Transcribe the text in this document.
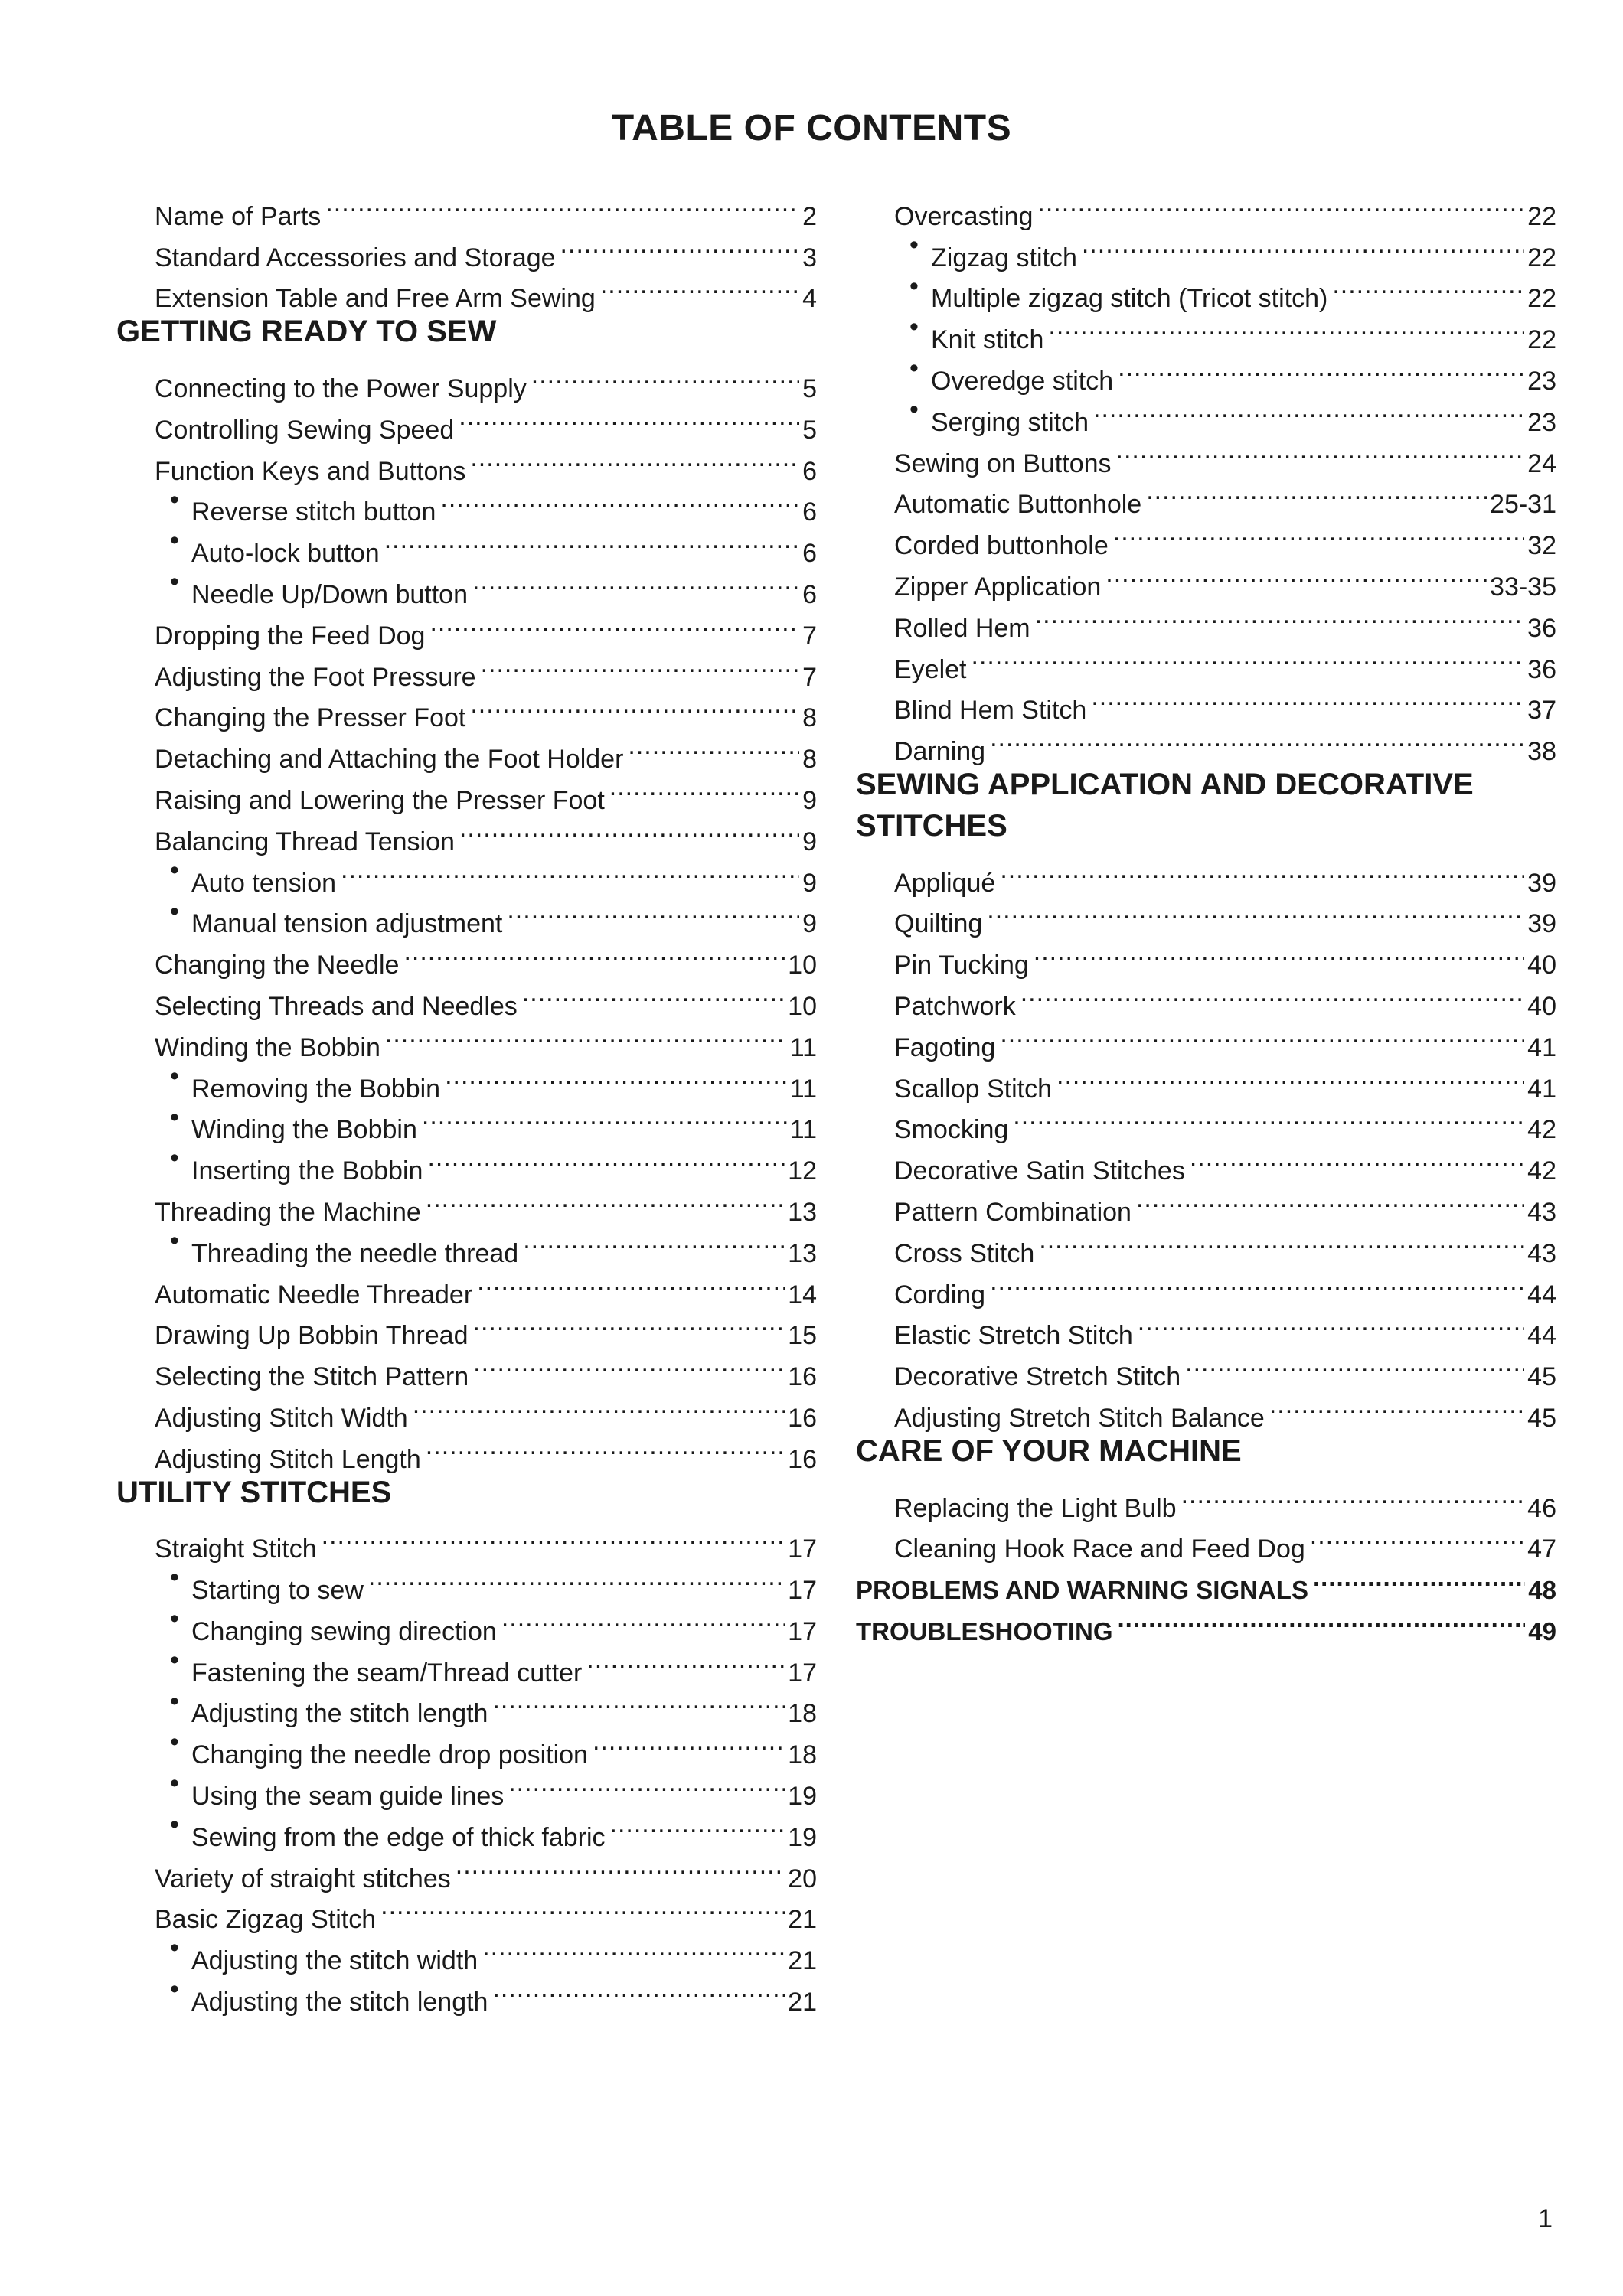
TABLE OF CONTENTS
Name of Parts .....	2
Standard Accessories and Storage .....	3
Extension Table and Free Arm Sewing .....	4
GETTING READY TO SEW
Connecting to the Power Supply .....	5
Controlling Sewing Speed .....	5
Function Keys and Buttons .....	6
• Reverse stitch button .....	6
• Auto-lock button .....	6
• Needle Up/Down button .....	6
Dropping the Feed Dog .....	7
Adjusting the Foot Pressure .....	7
Changing the Presser Foot .....	8
Detaching and Attaching the Foot Holder .....	8
Raising and Lowering the Presser Foot .....	9
Balancing Thread Tension .....	9
• Auto tension .....	9
• Manual tension adjustment .....	9
Changing the Needle .....	10
Selecting Threads and Needles .....	10
Winding the Bobbin .....	11
• Removing the Bobbin .....	11
• Winding the Bobbin .....	11
• Inserting the Bobbin .....	12
Threading the Machine .....	13
• Threading the needle thread .....	13
Automatic Needle Threader .....	14
Drawing Up Bobbin Thread .....	15
Selecting the Stitch Pattern .....	16
Adjusting Stitch Width .....	16
Adjusting Stitch Length .....	16
UTILITY STITCHES
Straight Stitch .....	17
• Starting to sew .....	17
• Changing sewing direction .....	17
• Fastening the seam/Thread cutter .....	17
• Adjusting the stitch length .....	18
• Changing the needle drop position .....	18
• Using the seam guide lines .....	19
• Sewing from the edge of thick fabric .....	19
Variety of straight stitches .....	20
Basic Zigzag Stitch .....	21
• Adjusting the stitch width .....	21
• Adjusting the stitch length .....	21
Overcasting .....	22
• Zigzag stitch .....	22
• Multiple zigzag stitch (Tricot stitch) .....	22
• Knit stitch .....	22
• Overedge stitch .....	23
• Serging stitch .....	23
Sewing on Buttons .....	24
Automatic Buttonhole .....	25-31
Corded buttonhole .....	32
Zipper Application .....	33-35
Rolled Hem .....	36
Eyelet .....	36
Blind Hem Stitch .....	37
Darning .....	38
SEWING APPLICATION AND DECORATIVE
STITCHES
Appliqué .....	39
Quilting .....	39
Pin Tucking .....	40
Patchwork .....	40
Fagoting .....	41
Scallop Stitch .....	41
Smocking .....	42
Decorative Satin Stitches .....	42
Pattern Combination .....	43
Cross Stitch .....	43
Cording .....	44
Elastic Stretch Stitch .....	44
Decorative Stretch Stitch .....	45
Adjusting Stretch Stitch Balance .....	45
CARE OF YOUR MACHINE
Replacing the Light Bulb .....	46
Cleaning Hook Race and Feed Dog .....	47
PROBLEMS AND WARNING SIGNALS .....	48
TROUBLESHOOTING .....	49
1
